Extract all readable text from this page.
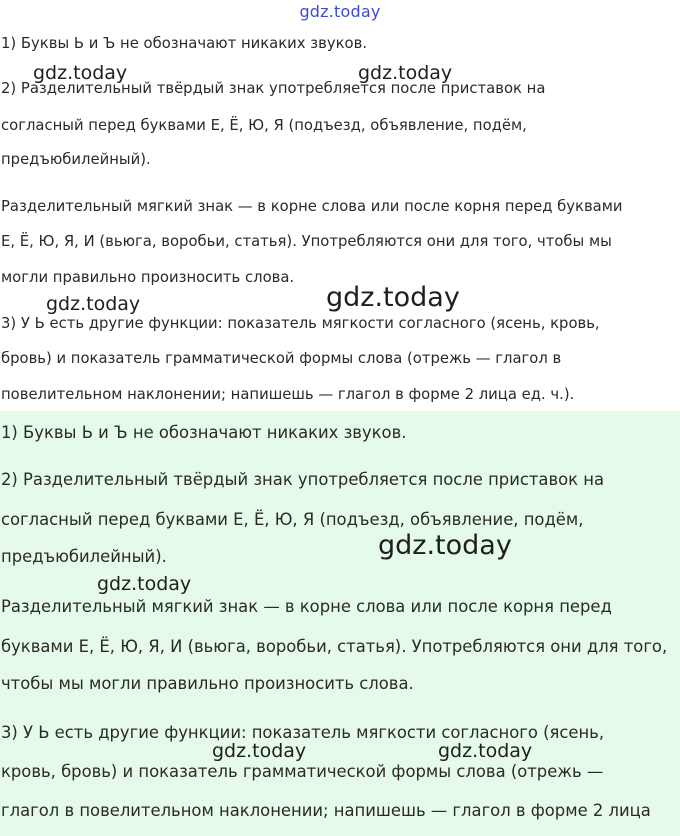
gdz.today
1) Буквы Ь и Ъ не обозначают никаких звуков.
2) Разделительный твёрдый знак употребляется после приставок на
согласный перед буквами Е, Ё, Ю, Я (подъезд, объявление, подём,
предъюбилейный).
Разделительный мягкий знак — в корне слова или после корня перед буквами
Е, Ё, Ю, Я, И (вьюга, воробьи, статья). Употребляются они для того, чтобы мы
могли правильно произносить слова.
3) У Ь есть другие функции: показатель мягкости согласного (ясень, кровь,
бровь) и показатель грамматической формы слова (отрежь — глагол в
повелительном наклонении; напишешь — глагол в форме 2 лица ед. ч.).
1) Буквы Ь и Ъ не обозначают никаких звуков.
2) Разделительный твёрдый знак употребляется после приставок на
согласный перед буквами Е, Ё, Ю, Я (подъезд, объявление, подём,
предъюбилейный).
Разделительный мягкий знак — в корне слова или после корня перед
буквами Е, Ё, Ю, Я, И (вьюга, воробьи, статья). Употребляются они для того,
чтобы мы могли правильно произносить слова.
3) У Ь есть другие функции: показатель мягкости согласного (ясень,
кровь, бровь) и показатель грамматической формы слова (отрежь —
глагол в повелительном наклонении; напишешь — глагол в форме 2 лица
gdz.today	gdz.today
gdz.today	gdz.today
gdz.today
gdz.today
gdz.today	gdz.today
